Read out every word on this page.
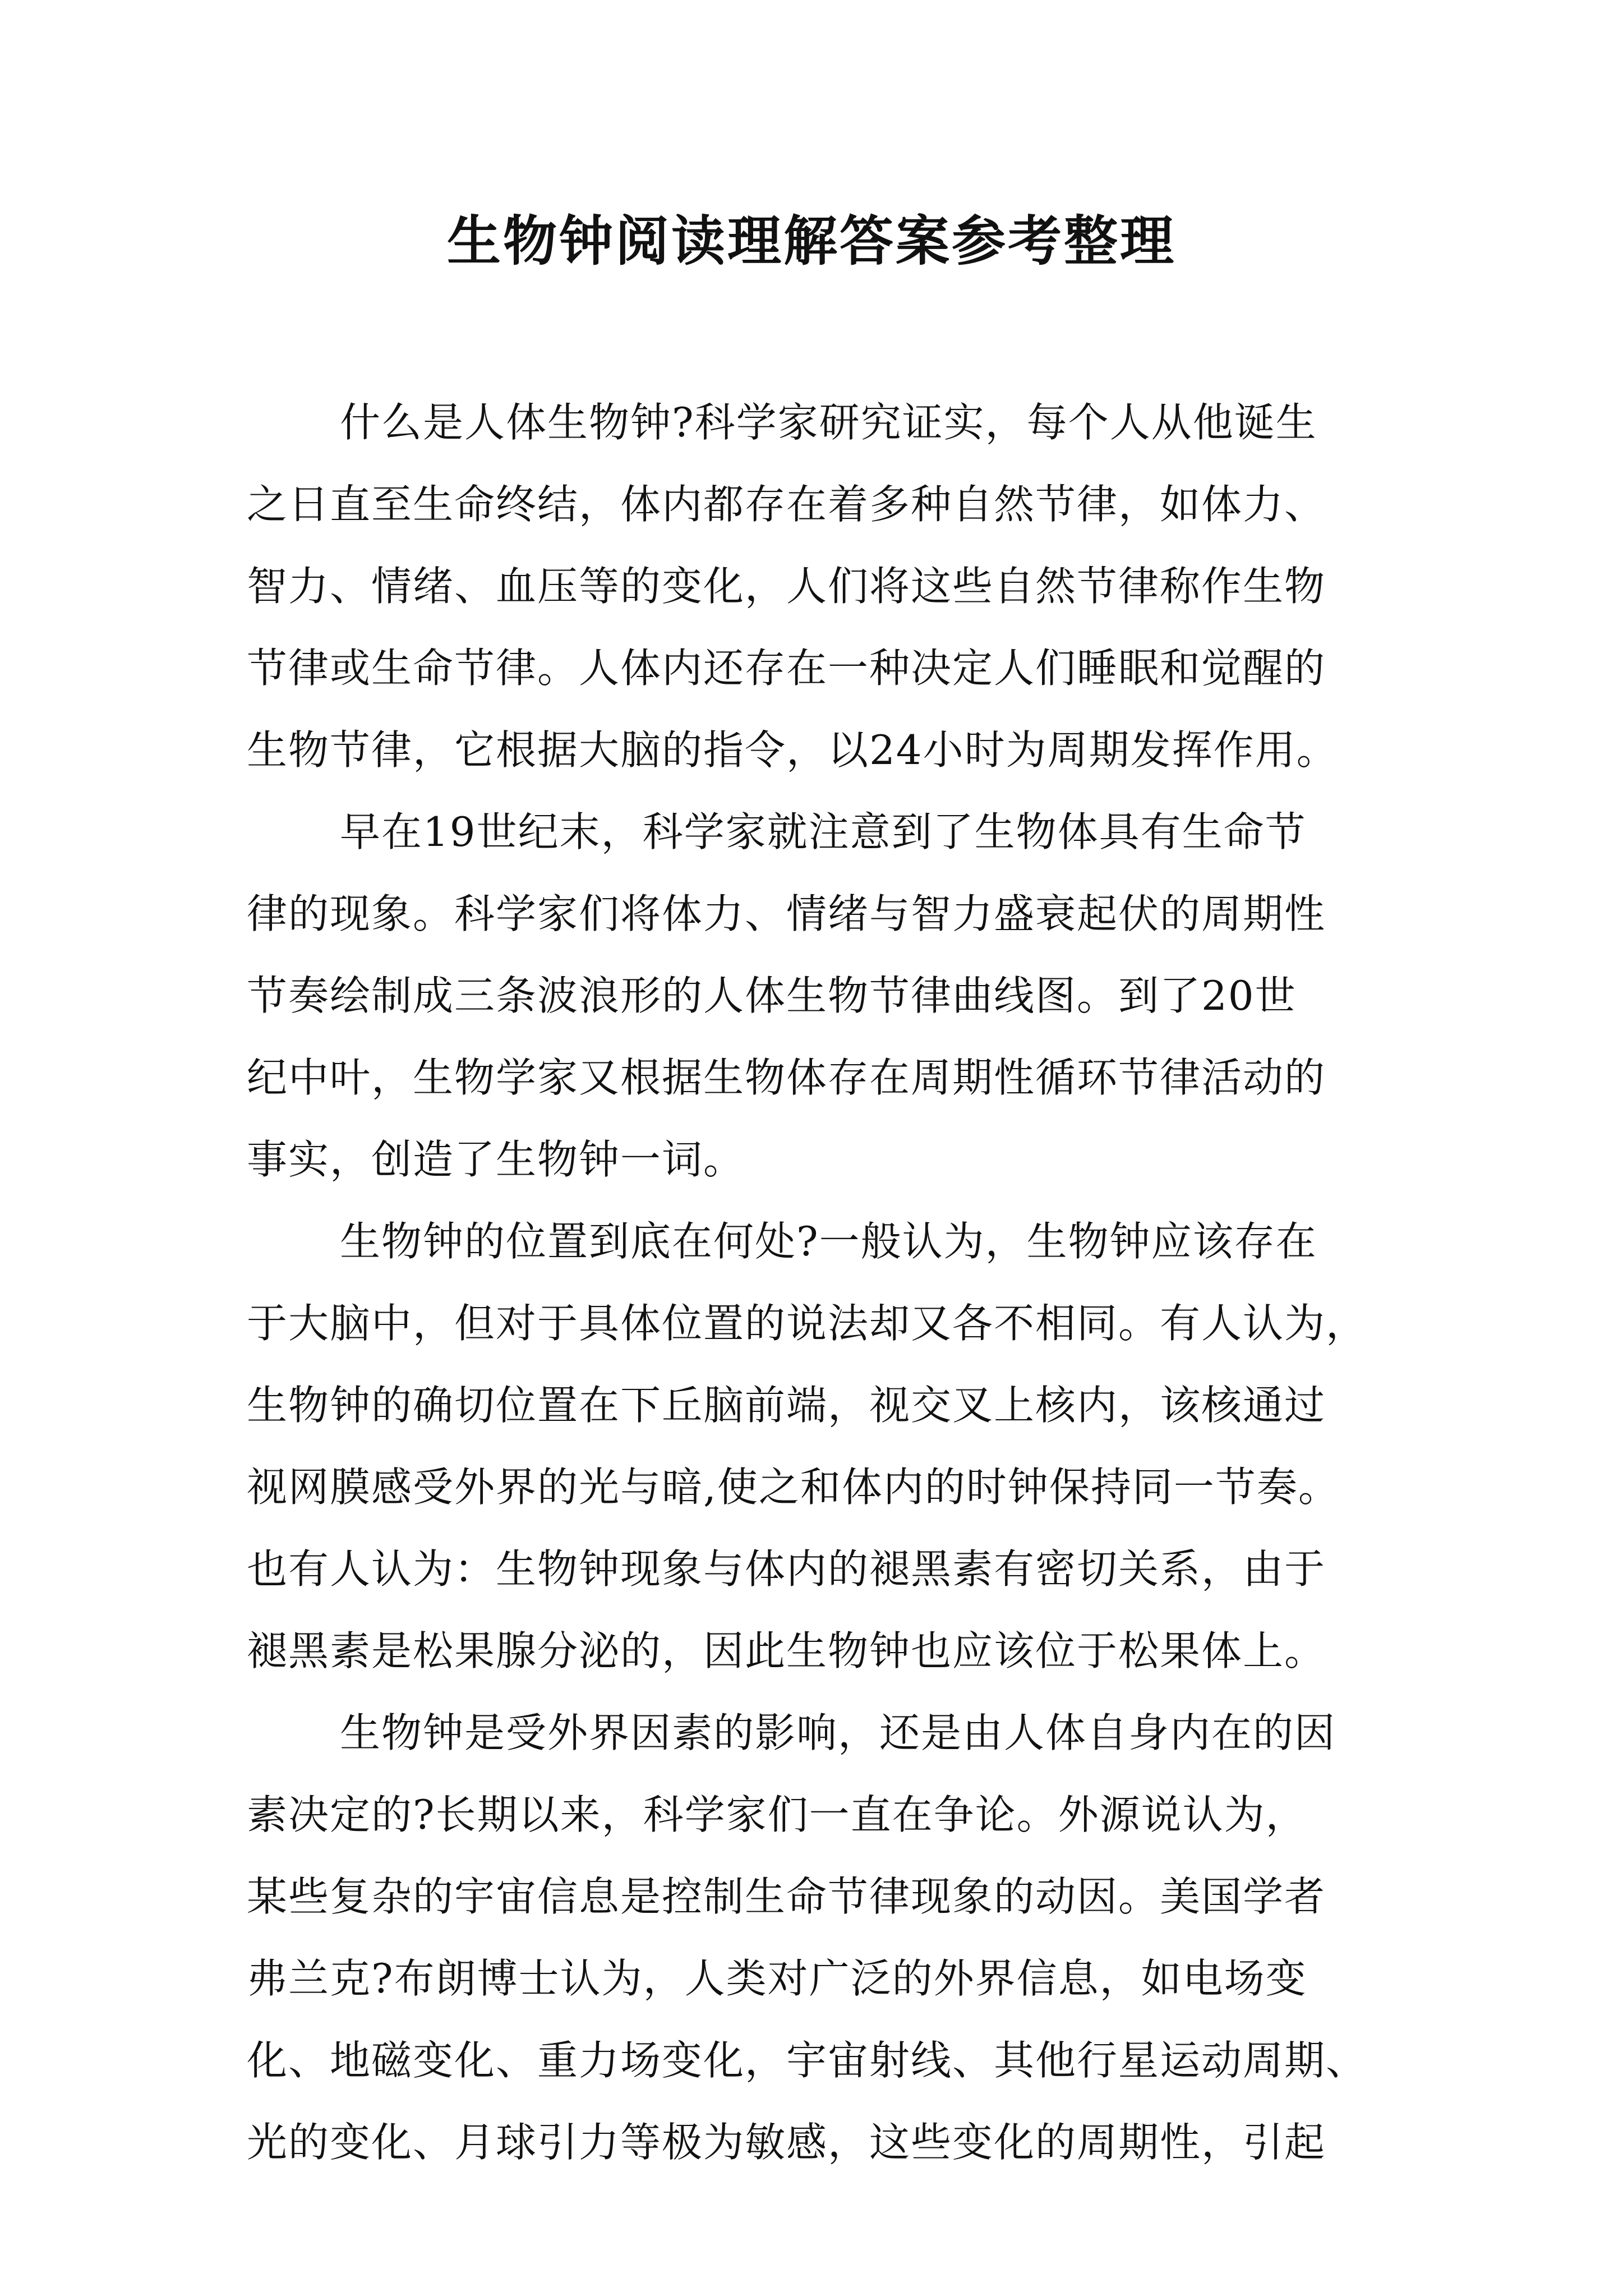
生物钟阅读理解答案参考整理
什么是人体生物钟?科学家研究证实，每个人从他诞生
之日直至生命终结，体内都存在着多种自然节律，如体力、
智力、情绪、血压等的变化，人们将这些自然节律称作生物
节律或生命节律。人体内还存在一种决定人们睡眠和觉醒的
生物节律，它根据大脑的指令，以24小时为周期发挥作用。
早在19世纪末，科学家就注意到了生物体具有生命节
律的现象。科学家们将体力、情绪与智力盛衰起伏的周期性
节奏绘制成三条波浪形的人体生物节律曲线图。到了20世
纪中叶，生物学家又根据生物体存在周期性循环节律活动的
事实，创造了生物钟一词。
生物钟的位置到底在何处?一般认为，生物钟应该存在
于大脑中，但对于具体位置的说法却又各不相同。有人认为，
生物钟的确切位置在下丘脑前端，视交叉上核内，该核通过
视网膜感受外界的光与暗,使之和体内的时钟保持同一节奏。
也有人认为：生物钟现象与体内的褪黑素有密切关系，由于
褪黑素是松果腺分泌的，因此生物钟也应该位于松果体上。
生物钟是受外界因素的影响，还是由人体自身内在的因
素决定的?长期以来，科学家们一直在争论。外源说认为，
某些复杂的宇宙信息是控制生命节律现象的动因。美国学者
弗兰克?布朗博士认为，人类对广泛的外界信息，如电场变
化、地磁变化、重力场变化，宇宙射线、其他行星运动周期、
光的变化、月球引力等极为敏感，这些变化的周期性，引起
